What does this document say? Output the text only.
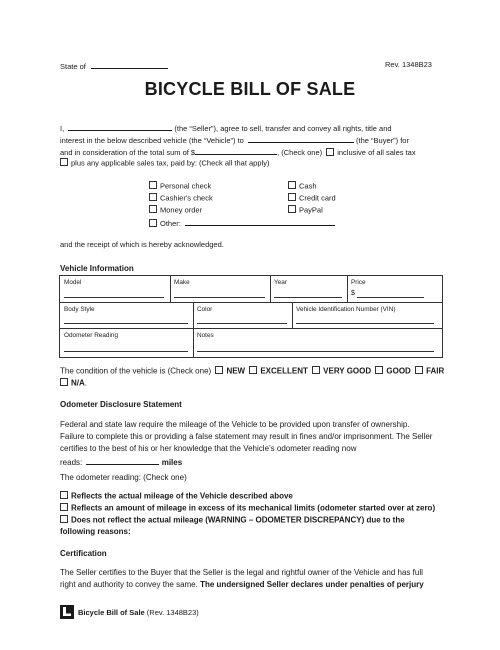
State of	Rev. 1348B23
BICYCLE BILL OF SALE
I,	(the “Seller”), agree to sell, transfer and convey all rights, title and
interest in the below described vehicle (the “Vehicle”) to	(the “Buyer”) for
and in consideration of the total sum of $	, (Check one) inclusive of all sales tax
plus any applicable sales tax, paid by: (Check all that apply)
Personal check
Cashier's check
Money order
Other:
Cash
Credit card
PayPal
and the receipt of which is hereby acknowledged.
Vehicle Information
Model	Make	Year	Price
$
Body Style	Color	Vehicle Identification Number (VIN)
Odometer Reading	Notes
The condition of the vehicle is (Check one) NEW EXCELLENT VERY GOOD GOOD FAIR
N/A.
Odometer Disclosure Statement
Federal and state law require the mileage of the Vehicle to be provided upon transfer of ownership.
Failure to complete this or providing a false statement may result in fines and/or imprisonment. The Seller
certifies to the best of his or her knowledge that the Vehicle’s odometer reading now
reads:	miles
The odometer reading: (Check one)
Reflects the actual mileage of the Vehicle described above
Reflects an amount of mileage in excess of its mechanical limits (odometer started over at zero)
Does not reflect the actual mileage (WARNING – ODOMETER DISCREPANCY) due to the
following reasons:
Certification
The Seller certifies to the Buyer that the Seller is the legal and rightful owner of the Vehicle and has full
right and authority to convey the same. The undersigned Seller declares under penalties of perjury
Bicycle Bill of Sale (Rev. 1348B23)
